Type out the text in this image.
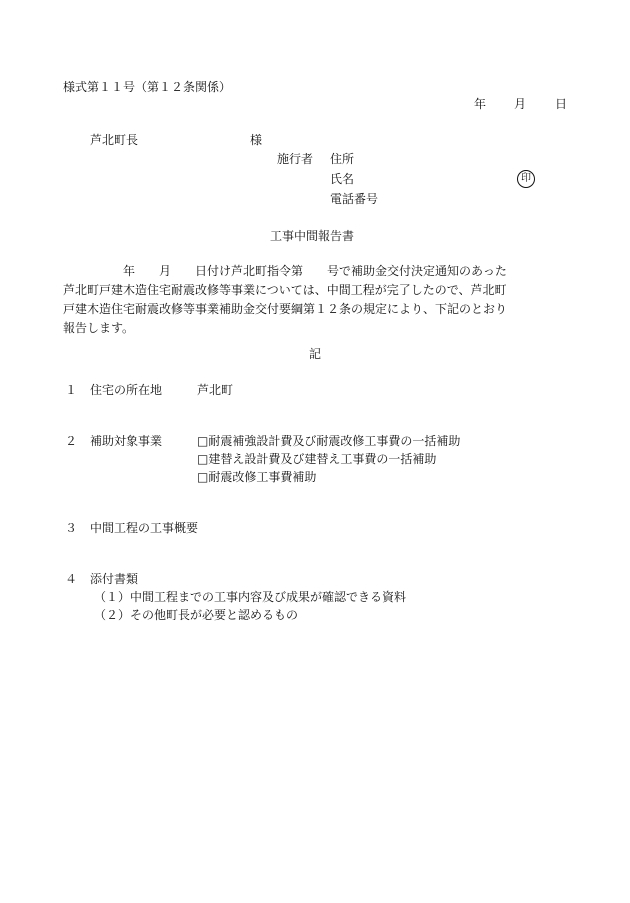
様式第１１号（第１２条関係）
年 月 日
芦北町長	様
施行者 住所
氏名	印
電話番号
工事中間報告書
　　　　　年　　月　　日付け芦北町指令第　　号で補助金交付決定通知のあった
芦北町戸建木造住宅耐震改修等事業については、中間工程が完了したので、芦北町
戸建木造住宅耐震改修等事業補助金交付要綱第１２条の規定により、下記のとおり
報告します。
記
１ 住宅の所在地	芦北町
２ 補助対象事業	□耐震補強設計費及び耐震改修工事費の一括補助
□建替え設計費及び建替え工事費の一括補助
□耐震改修工事費補助
３ 中間工程の工事概要
４ 添付書類
（１）中間工程までの工事内容及び成果が確認できる資料
（２）その他町長が必要と認めるもの
